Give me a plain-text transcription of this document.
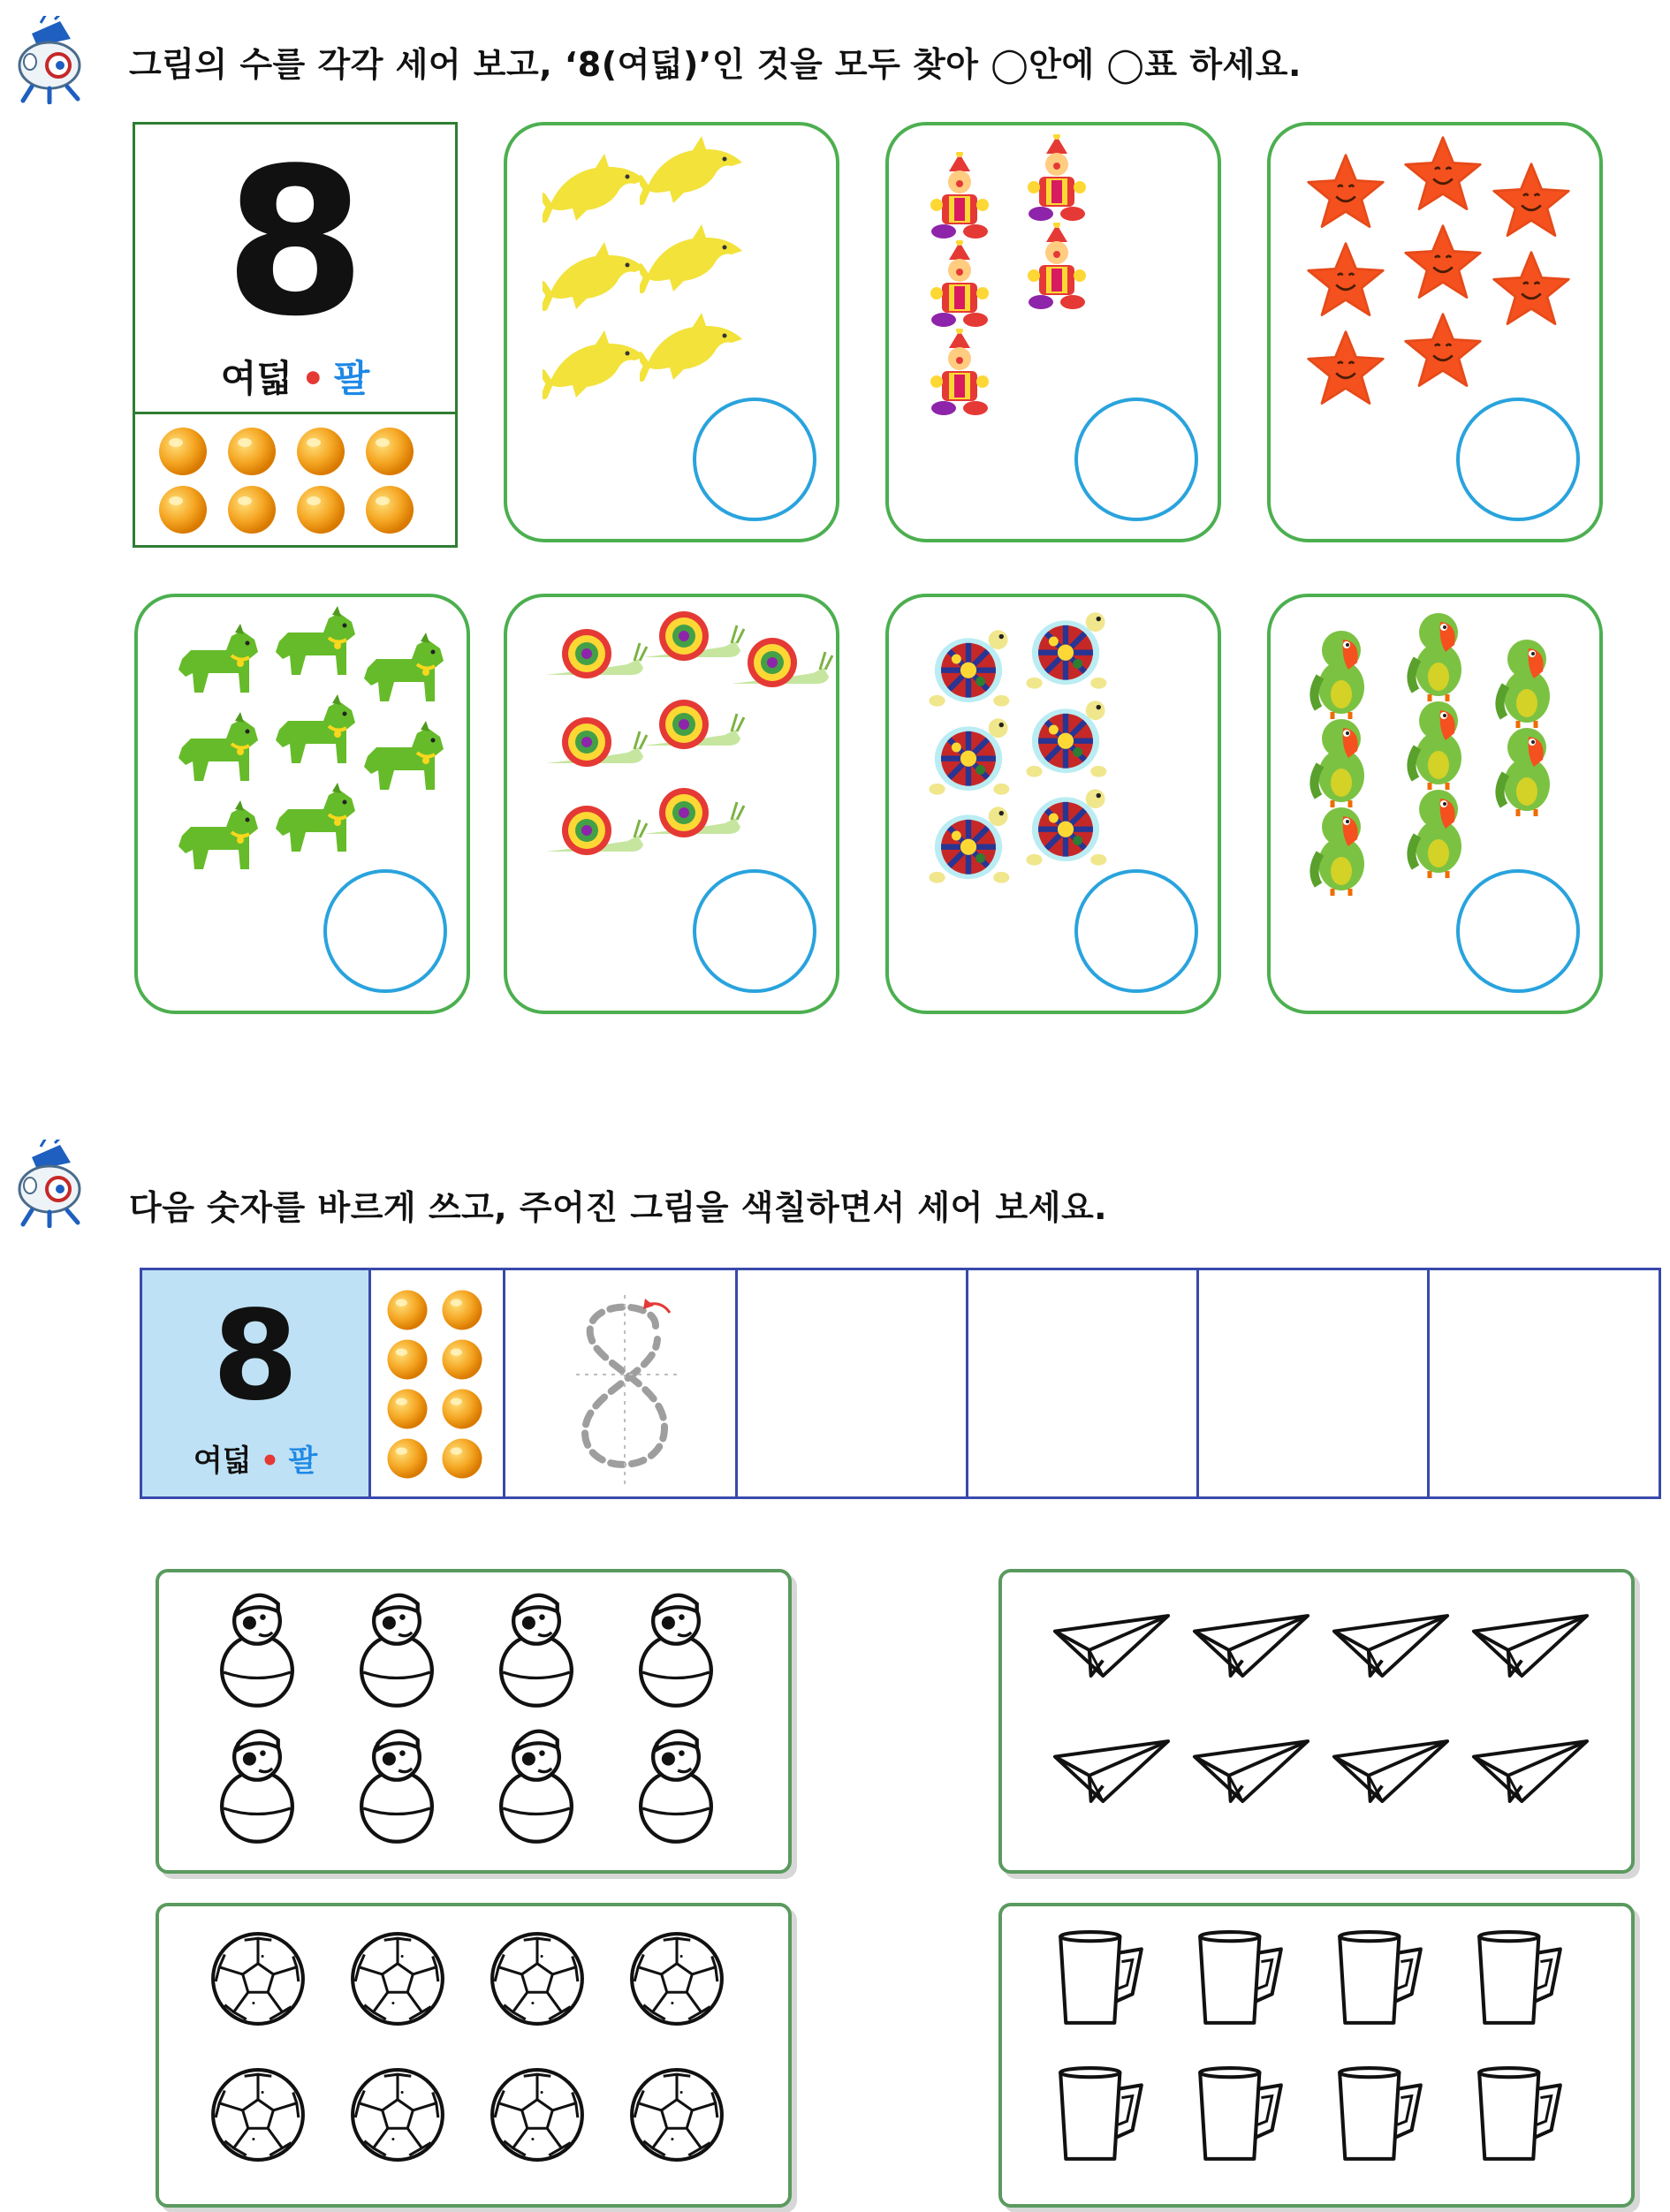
그림의 수를 각각 세어 보고, ‘8(여덟)’인 것을 모두 찾아 ◯안에 ◯표 하세요.
8
여덟 • 팔
다음 숫자를 바르게 쓰고, 주어진 그림을 색칠하면서 세어 보세요.
8
여덟 • 팔
